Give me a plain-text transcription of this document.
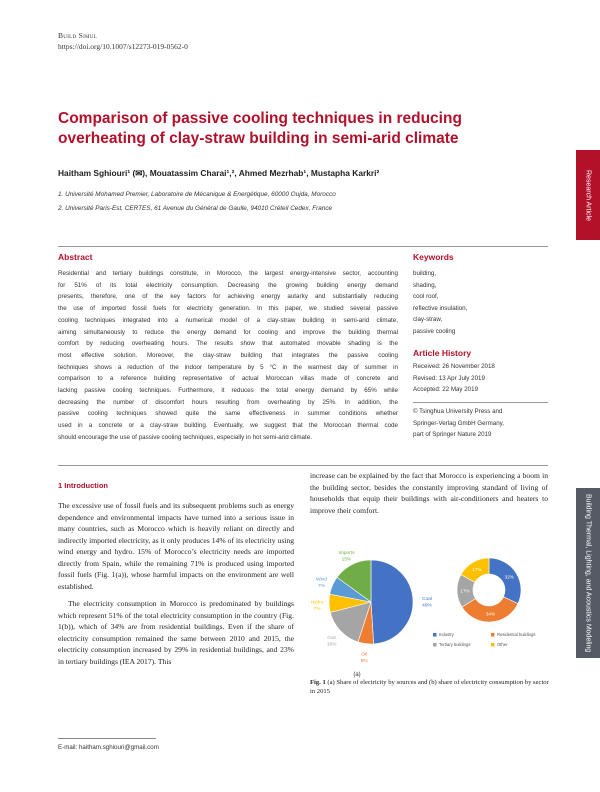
Build Simul
https://doi.org/10.1007/s12273-019-0562-0
Comparison of passive cooling techniques in reducing overheating of clay-straw building in semi-arid climate
Haitham Sghiouri¹ (✉), Mouatassim Charai¹,², Ahmed Mezrhab¹, Mustapha Karkri²
1. Université Mohamed Premier, Laboratoire de Mécanique & Energétique, 60000 Oujda, Morocco
2. Université Paris-Est, CERTES, 61 Avenue du Général de Gaulle, 94010 Créteil Cedex, France	Research Article
Building Thermal, Lighting, and Acoustics Modeling
Abstract
Residential and tertiary buildings constitute, in Morocco, the largest energy-intensive sector, accounting
for 51% of its total electricity consumption. Decreasing the growing building energy demand
presents, therefore, one of the key factors for achieving energy autarky and substantially reducing
the use of imported fossil fuels for electricity generation. In this paper, we studied several passive
cooling techniques integrated into a numerical model of a clay-straw building in semi-arid climate,
aiming simultaneously to reduce the energy demand for cooling and improve the building thermal
comfort by reducing overheating hours. The results show that automated movable shading is the
most effective solution. Moreover, the clay-straw building that integrates the passive cooling
techniques shows a reduction of the indoor temperature by 5 °C in the warmest day of summer in
comparison to a reference building representative of actual Moroccan villas made of concrete and
lacking passive cooling techniques. Furthermore, it reduces the total energy demand by 65% while
decreasing the number of discomfort hours resulting from overheating by 25%. In addition, the
passive cooling techniques showed quite the same effectiveness in summer conditions whether
used in a concrete or a clay-straw building. Eventually, we suggest that the Moroccan thermal code
should encourage the use of passive cooling techniques, especially in hot semi-arid climate.
Keywords
building,
shading,
cool roof,
reflective insulation,
clay-straw,
passive cooling
Article History
Received: 26 November 2018
Revised: 13 Apr July 2019
Accepted: 22 May 2019
© Tsinghua University Press and
Springer-Verlag GmbH Germany,
part of Springer Nature 2019
1 Introduction

The excessive use of fossil fuels and its subsequent problems such as energy dependence and environmental impacts have turned into a serious issue in many countries, such as Morocco which is heavily reliant on directly and indirectly imported electricity, as it only produces 14% of its electricity using wind energy and hydro. 15% of Morocco’s electricity needs are imported directly from Spain, while the remaining 71% is produced using imported fossil fuels (Fig. 1(a)), whose harmful impacts on the environment are well established.

The electricity consumption in Morocco is predominated by buildings which represent 51% of the total electricity consumption in the country (Fig. 1(b)), which of 34% are from residential buildings. Even if the share of electricity consumption remained the same between 2010 and 2015, the electricity consumption increased by 29% in residential buildings, and 23% in tertiary buildings (IEA 2017). This

increase can be explained by the fact that Morocco is experiencing a boom in the building sector, besides the constantly improving standard of living of households that equip their buildings with air-conditioners and heaters to improve their comfort.

Coal
49%
Oil
6%
Gas
16%
Hydro
7%
Wind
7%
Imports
15%
32%
34%
17%
17%
Industry	Residential buildings
Tertiary buildings	Other
(a)
Fig. 1 (a) Share of electricity by sources and (b) share of electricity consumption by sector in 2015
E-mail: haitham.sghiouri@gmail.com
